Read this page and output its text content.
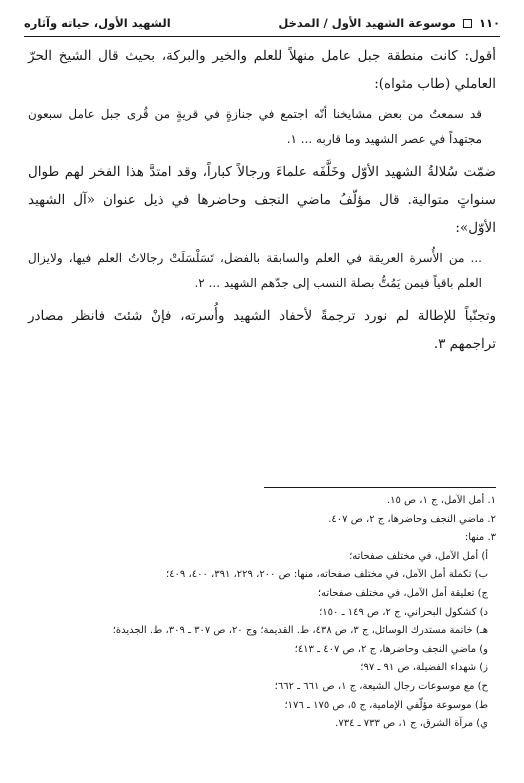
١١٠
موسوعة الشهيد الأول / المدخل
الشهيد الأول، حياته وآثاره

أقول: كانت منطقة جبل عامل منهلاً للعلم والخير والبركة، بحيث قال الشيخ الحرّ العاملي (طاب مثواه):

قد سمعتُ من بعض مشايخنا أنّه اجتمع في جنازةٍ في قريةٍ من قُرى جبل عامل سبعون مجتهداً في عصر الشهيد وما قاربه ... ١.

ضمّت سُلالةُ الشهيد الأوّل وخَلَّفَه علماءَ ورجالاً كباراً، وقد امتدَّ هذا الفخر لهم طوال سنواتٍ متوالية. قال مؤلّفُ ماضي النجف وحاضرها في ذيل عنوان «آل الشهيد الأوّل»:

... من الأُسرة العريقة في العلم والسابقة بالفضل، تَسَلْسَلَتْ رجالاتُ العلم فيها، ولايزال العلم باقياً فيمن يَمُتُّ بصلة النسب إلى جدّهم الشهيد ... ٢.

وتجنّباً للإطالة لم نورد ترجمةً لأحفاد الشهيد وأُسرته، فإنْ شئتَ فانظر مصادر تراجمهم ٣.

١. أمل الآمل، ج ١، ص ١٥.
٢. ماضي النجف وحاضرها، ج ٢، ص ٤٠٧.
٣. منها:
أ) أمل الآمل، في مختلف صفحاته؛
ب) تكملة أمل الآمل، في مختلف صفحاته، منها: ص ٢٠٠، ٢٢٩، ٣٩١، ٤٠٠، ٤٠٩؛
ج) تعليقة أمل الآمل، في مختلف صفحاته؛
د) كشكول البحراني، ج ٢، ص ١٤٩ ـ ١٥٠؛
هـ) خاتمة مستدرك الوسائل، ج ٣، ص ٤٣٨، ط. القديمة؛ وج ٢٠، ص ٣٠٧ ـ ٣٠٩، ط. الجديدة؛
و) ماضي النجف وحاضرها، ج ٢، ص ٤٠٧ ـ ٤١٣؛
ز) شهداء الفضيلة، ص ٩١ ـ ٩٧؛
ح) مع موسوعات رجال الشيعة، ج ١، ص ٦٦١ ـ ٦٦٢؛
ط) موسوعة مؤلّفي الإمامية، ج ٥، ص ١٧٥ ـ ١٧٦؛
ي) مرآة الشرق، ج ١، ص ٧٣٣ ـ ٧٣٤.
